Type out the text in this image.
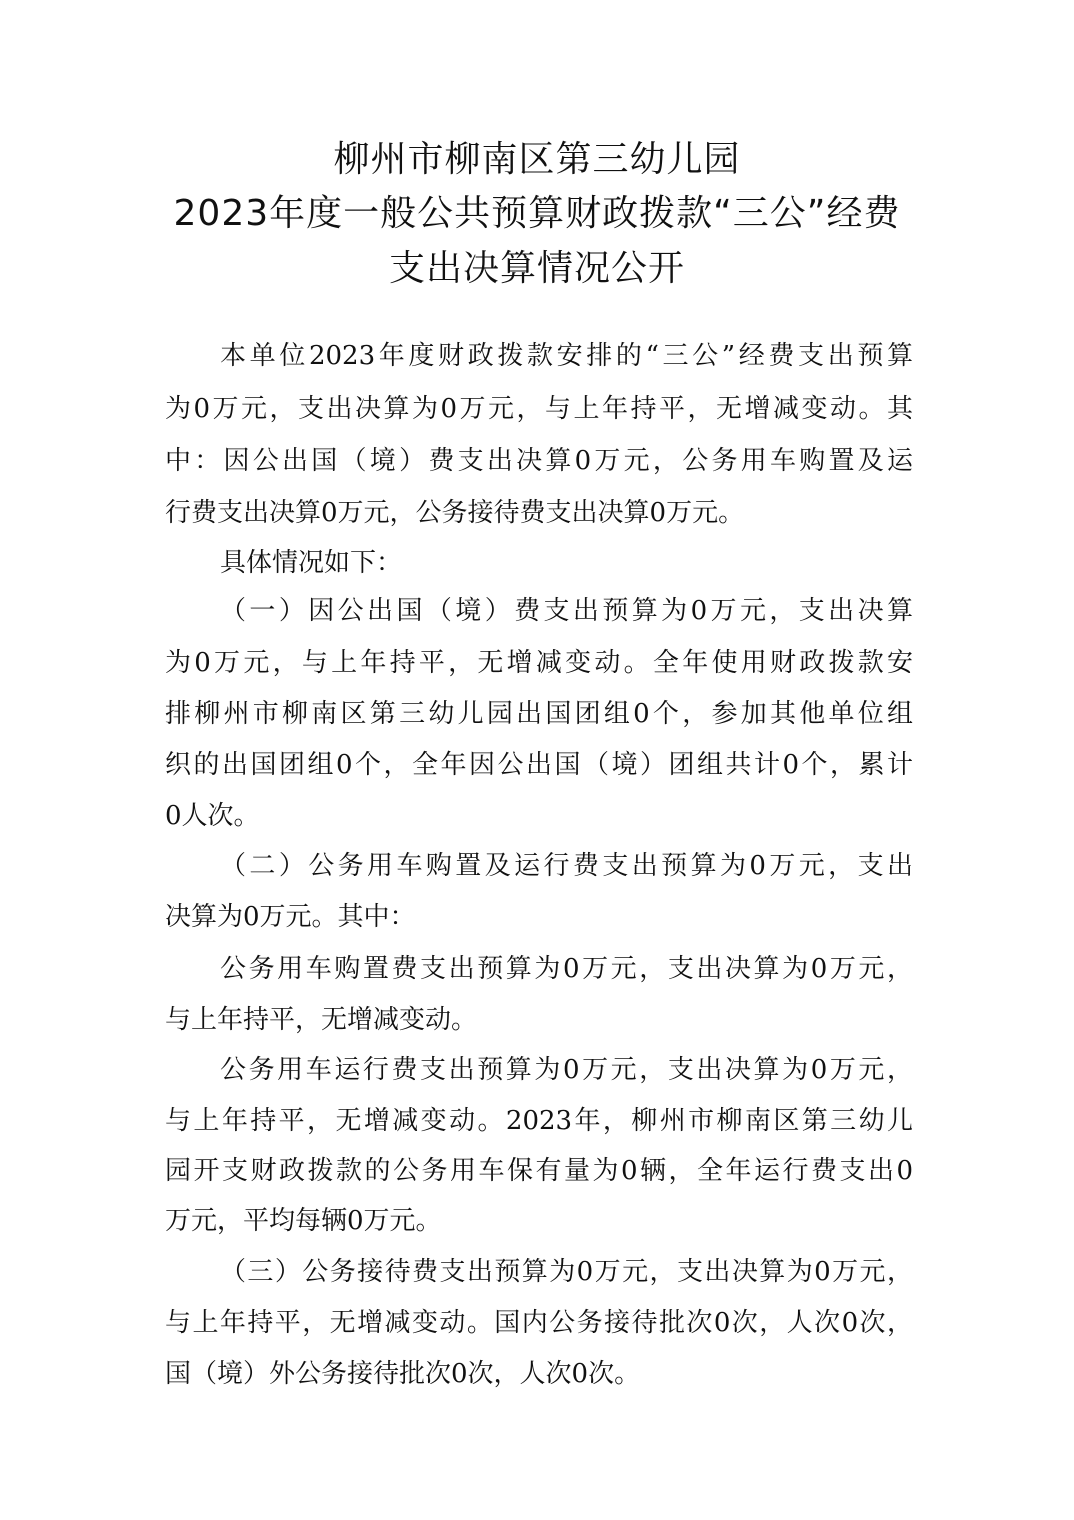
柳州市柳南区第三幼儿园
2023年度一般公共预算财政拨款“三公”经费
支出决算情况公开
本单位2023年度财政拨款安排的“三公”经费支出预算
为0万元，支出决算为0万元，与上年持平，无增减变动。其
中：因公出国（境）费支出决算0万元，公务用车购置及运
行费支出决算0万元，公务接待费支出决算0万元。
具体情况如下：
（一）因公出国（境）费支出预算为0万元，支出决算
为0万元，与上年持平，无增减变动。全年使用财政拨款安
排柳州市柳南区第三幼儿园出国团组0个，参加其他单位组
织的出国团组0个，全年因公出国（境）团组共计0个，累计
0人次。
（二）公务用车购置及运行费支出预算为0万元，支出
决算为0万元。其中：
公务用车购置费支出预算为0万元，支出决算为0万元，
与上年持平，无增减变动。
公务用车运行费支出预算为0万元，支出决算为0万元，
与上年持平，无增减变动。2023年，柳州市柳南区第三幼儿
园开支财政拨款的公务用车保有量为0辆，全年运行费支出0
万元，平均每辆0万元。
（三）公务接待费支出预算为0万元，支出决算为0万元，
与上年持平，无增减变动。国内公务接待批次0次，人次0次，
国（境）外公务接待批次0次，人次0次。
